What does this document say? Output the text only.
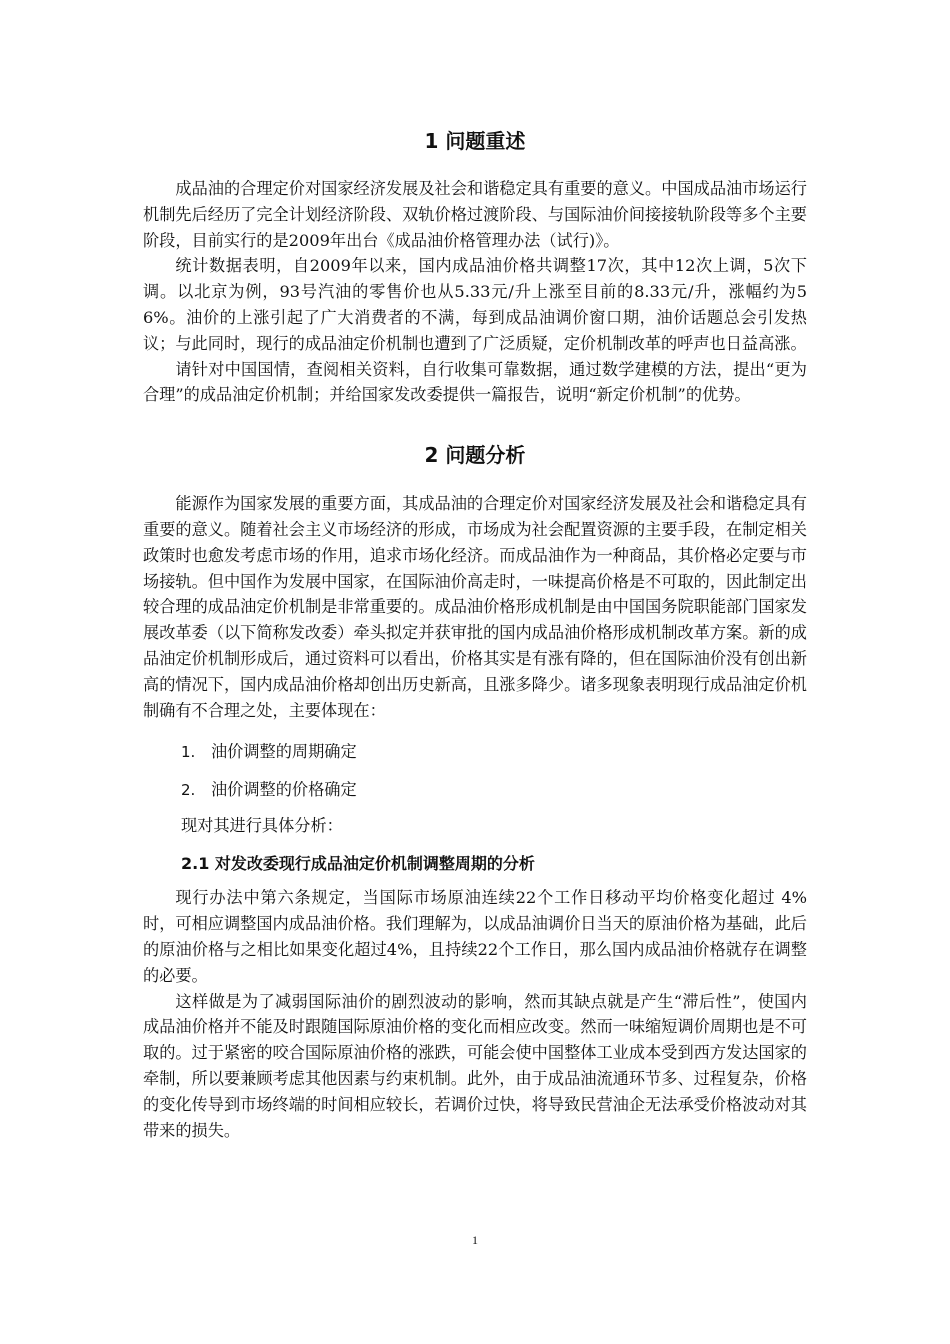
1 问题重述

成品油的合理定价对国家经济发展及社会和谐稳定具有重要的意义。中国成品油市场运行机制先后经历了完全计划经济阶段、双轨价格过渡阶段、与国际油价间接接轨阶段等多个主要阶段，目前实行的是2009年出台《成品油价格管理办法（试行)》。

统计数据表明，自2009年以来，国内成品油价格共调整17次，其中12次上调，5次下调。以北京为例，93号汽油的零售价也从5.33元/升上涨至目前的8.33元/升，涨幅约为56%。油价的上涨引起了广大消费者的不满，每到成品油调价窗口期，油价话题总会引发热议；与此同时，现行的成品油定价机制也遭到了广泛质疑，定价机制改革的呼声也日益高涨。

请针对中国国情，查阅相关资料，自行收集可靠数据，通过数学建模的方法，提出“更为合理”的成品油定价机制；并给国家发改委提供一篇报告，说明“新定价机制”的优势。

2 问题分析

能源作为国家发展的重要方面，其成品油的合理定价对国家经济发展及社会和谐稳定具有重要的意义。随着社会主义市场经济的形成，市场成为社会配置资源的主要手段，在制定相关政策时也愈发考虑市场的作用，追求市场化经济。而成品油作为一种商品，其价格必定要与市场接轨。但中国作为发展中国家，在国际油价高走时，一味提高价格是不可取的，因此制定出较合理的成品油定价机制是非常重要的。成品油价格形成机制是由中国国务院职能部门国家发展改革委（以下简称发改委）牵头拟定并获审批的国内成品油价格形成机制改革方案。新的成品油定价机制形成后，通过资料可以看出，价格其实是有涨有降的，但在国际油价没有创出新高的情况下，国内成品油价格却创出历史新高，且涨多降少。诸多现象表明现行成品油定价机制确有不合理之处，主要体现在：

1. 油价调整的周期确定
2. 油价调整的价格确定

现对其进行具体分析：

2.1 对发改委现行成品油定价机制调整周期的分析

现行办法中第六条规定，当国际市场原油连续22个工作日移动平均价格变化超过 4%时，可相应调整国内成品油价格。我们理解为，以成品油调价日当天的原油价格为基础，此后的原油价格与之相比如果变化超过4%，且持续22个工作日，那么国内成品油价格就存在调整的必要。

这样做是为了减弱国际油价的剧烈波动的影响，然而其缺点就是产生“滞后性”，使国内成品油价格并不能及时跟随国际原油价格的变化而相应改变。然而一味缩短调价周期也是不可取的。过于紧密的咬合国际原油价格的涨跌，可能会使中国整体工业成本受到西方发达国家的牵制，所以要兼顾考虑其他因素与约束机制。此外，由于成品油流通环节多、过程复杂，价格的变化传导到市场终端的时间相应较长，若调价过快，将导致民营油企无法承受价格波动对其带来的损失。

1
